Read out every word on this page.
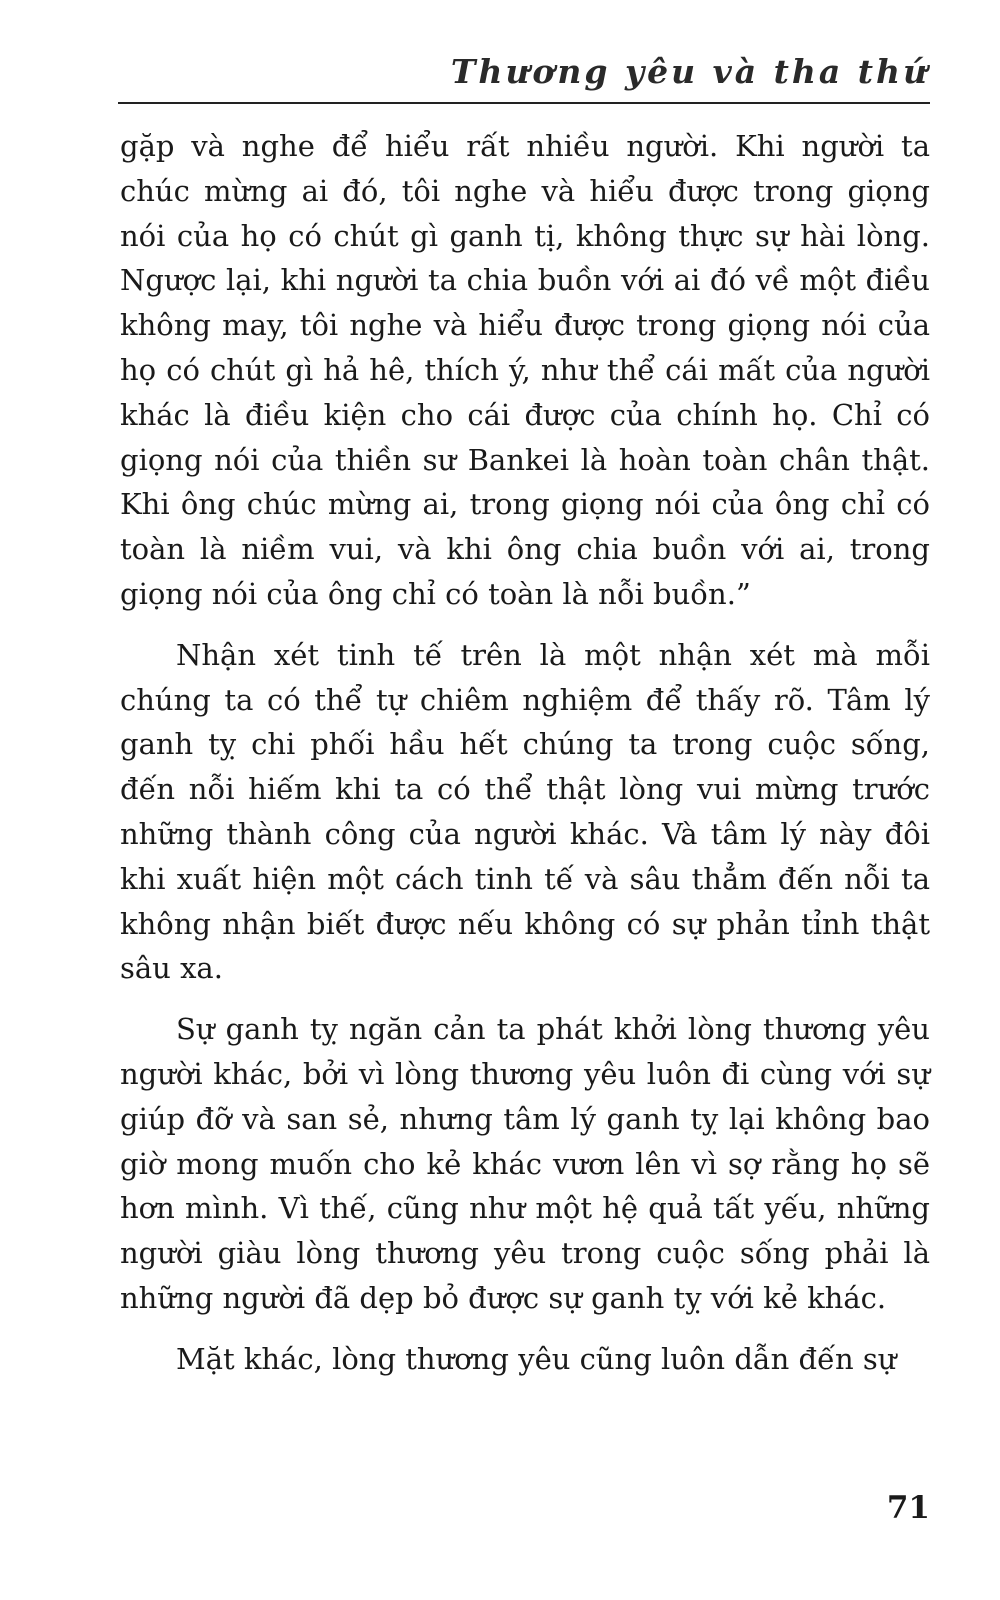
Thương yêu và tha thứ

gặp và nghe để hiểu rất nhiều người. Khi người ta chúc mừng ai đó, tôi nghe và hiểu được trong giọng nói của họ có chút gì ganh tị, không thực sự hài lòng. Ngược lại, khi người ta chia buồn với ai đó về một điều không may, tôi nghe và hiểu được trong giọng nói của họ có chút gì hả hê, thích ý, như thể cái mất của người khác là điều kiện cho cái được của chính họ. Chỉ có giọng nói của thiền sư Bankei là hoàn toàn chân thật. Khi ông chúc mừng ai, trong giọng nói của ông chỉ có toàn là niềm vui, và khi ông chia buồn với ai, trong giọng nói của ông chỉ có toàn là nỗi buồn.”

Nhận xét tinh tế trên là một nhận xét mà mỗi chúng ta có thể tự chiêm nghiệm để thấy rõ. Tâm lý ganh tỵ chi phối hầu hết chúng ta trong cuộc sống, đến nỗi hiếm khi ta có thể thật lòng vui mừng trước những thành công của người khác. Và tâm lý này đôi khi xuất hiện một cách tinh tế và sâu thẳm đến nỗi ta không nhận biết được nếu không có sự phản tỉnh thật sâu xa.

Sự ganh tỵ ngăn cản ta phát khởi lòng thương yêu người khác, bởi vì lòng thương yêu luôn đi cùng với sự giúp đỡ và san sẻ, nhưng tâm lý ganh tỵ lại không bao giờ mong muốn cho kẻ khác vươn lên vì sợ rằng họ sẽ hơn mình. Vì thế, cũng như một hệ quả tất yếu, những người giàu lòng thương yêu trong cuộc sống phải là những người đã dẹp bỏ được sự ganh tỵ với kẻ khác.

Mặt khác, lòng thương yêu cũng luôn dẫn đến sự

71
